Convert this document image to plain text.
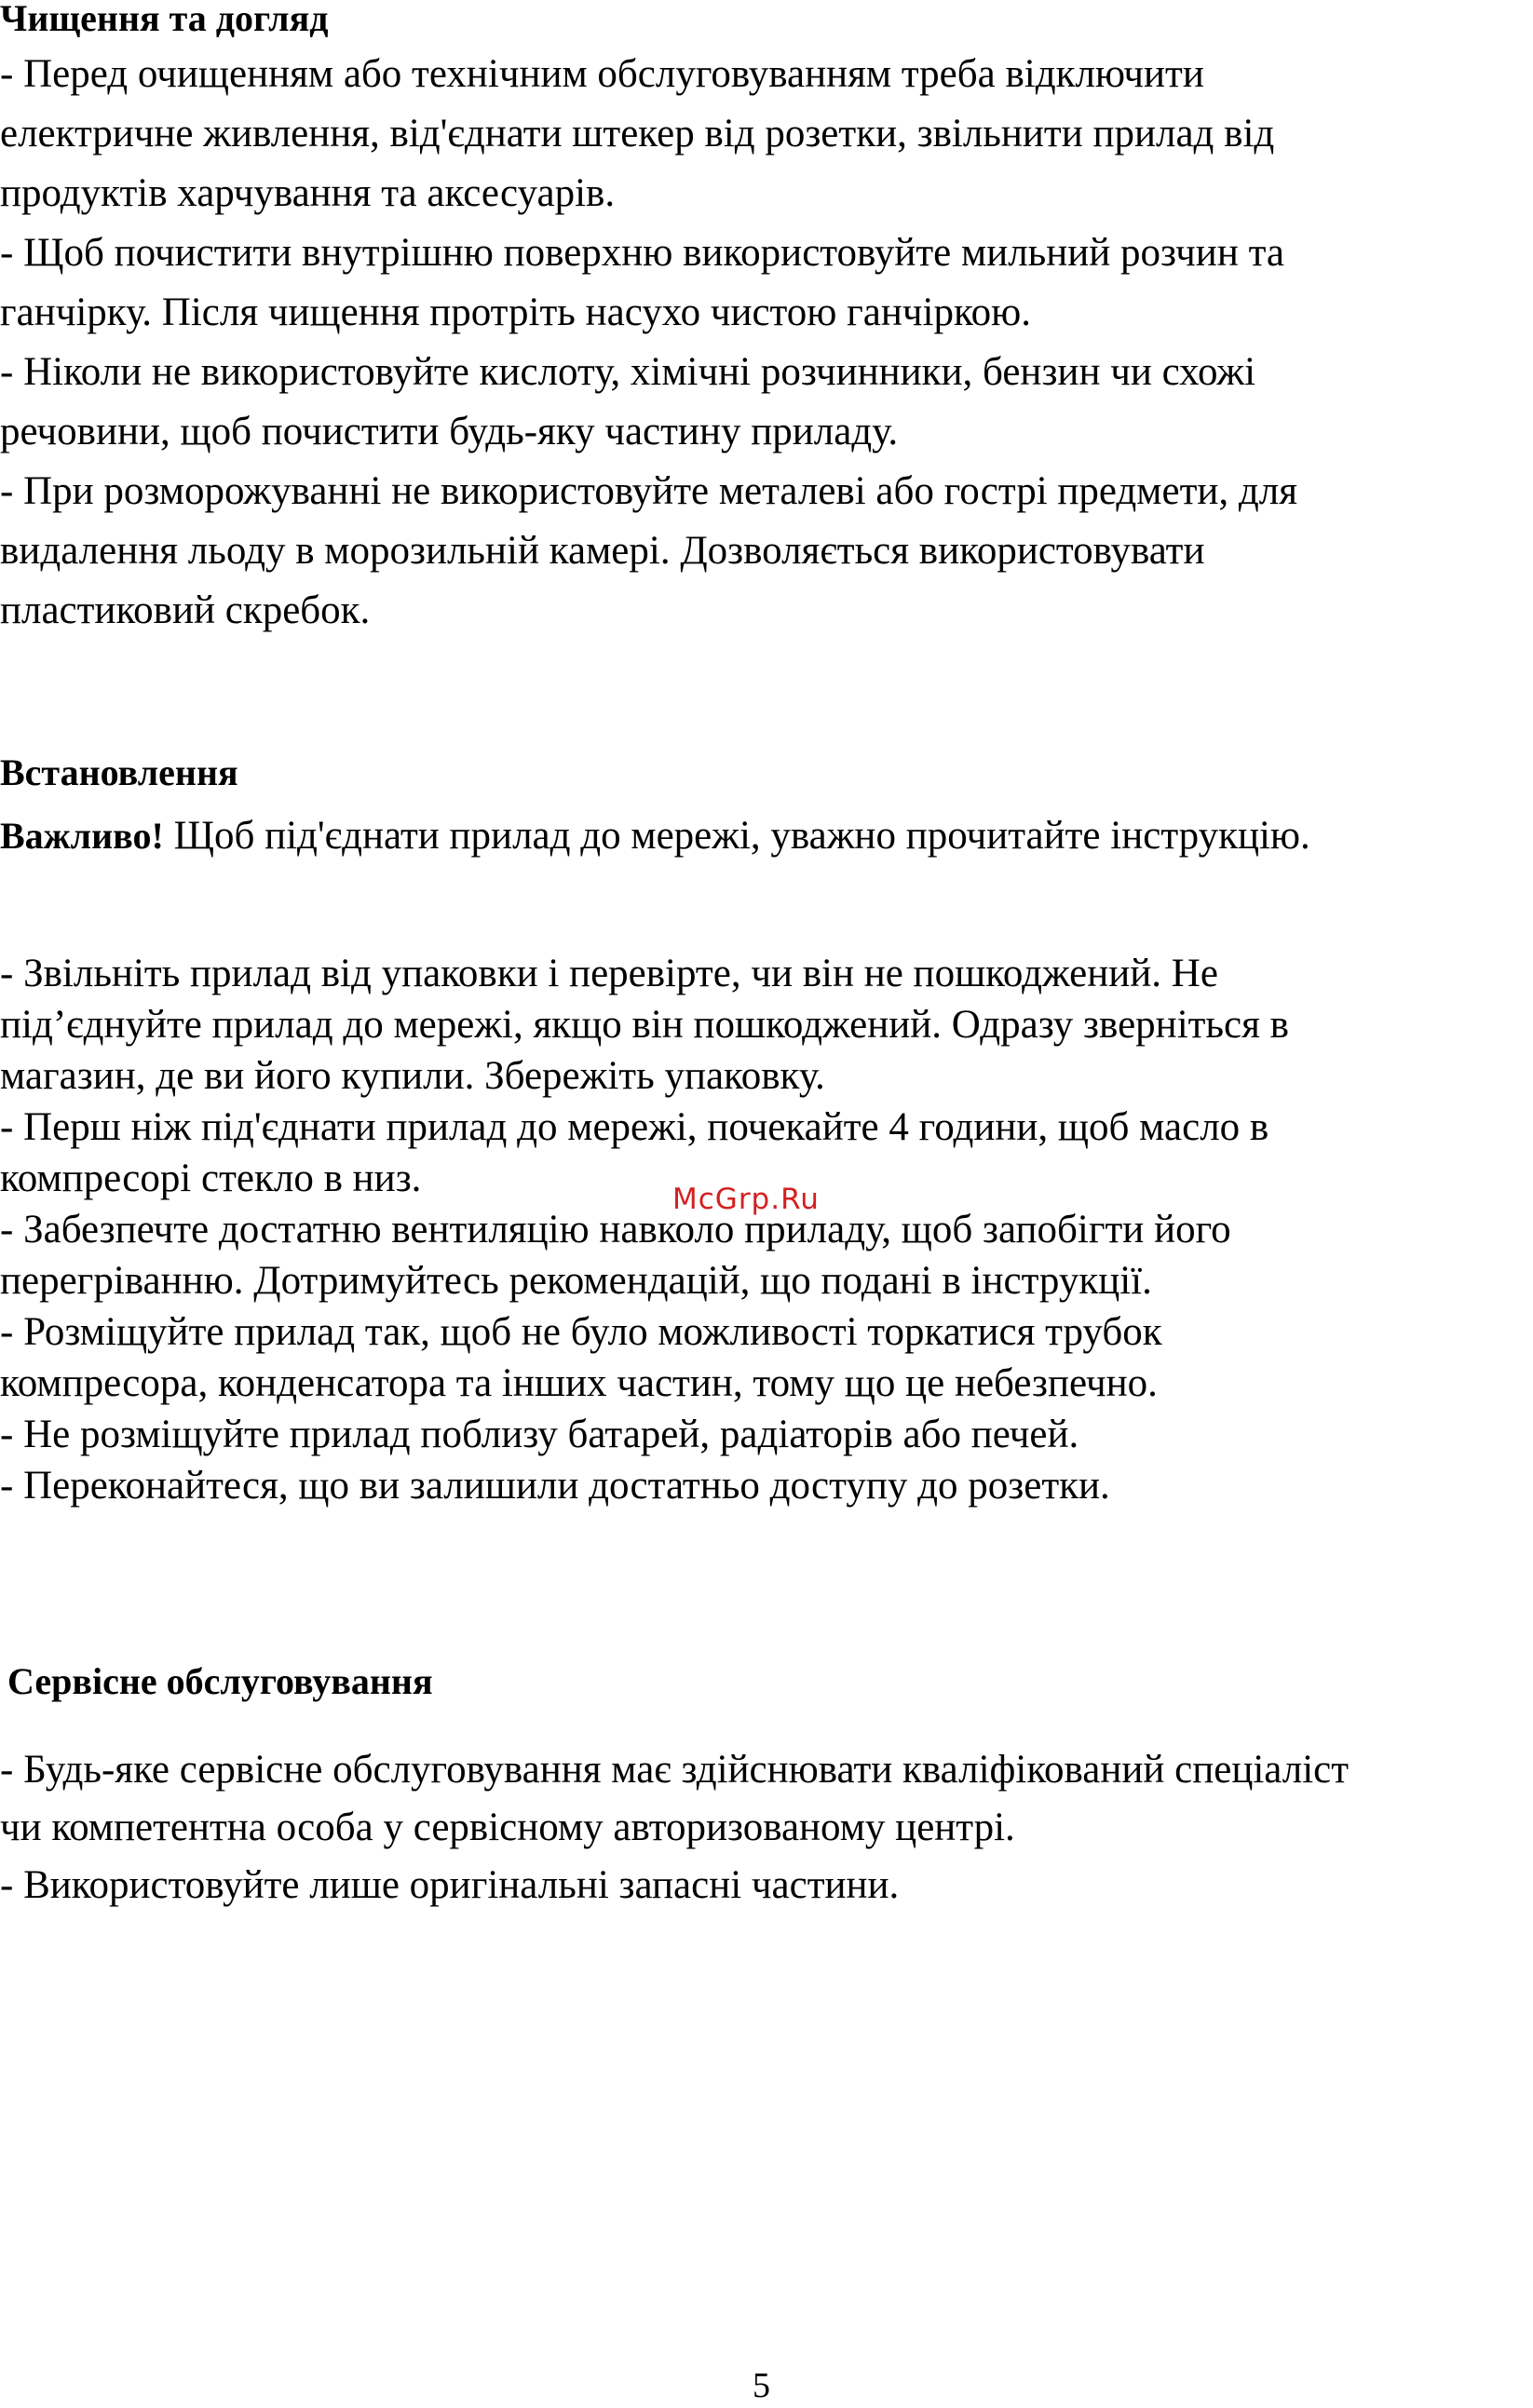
Чищення та догляд
- Перед очищенням або технічним обслуговуванням треба відключити
електричне живлення, від'єднати штекер від розетки, звільнити прилад від
продуктів харчування та аксесуарів.
- Щоб почистити внутрішню поверхню використовуйте мильний розчин та
ганчірку. Після чищення протріть насухо чистою ганчіркою.
- Ніколи не використовуйте кислоту, хімічні розчинники, бензин чи схожі
речовини, щоб почистити будь-яку частину приладу.
- При розморожуванні не використовуйте металеві або гострі предмети, для
видалення льоду в морозильній камері. Дозволяється використовувати
пластиковий скребок.
Встановлення
Важливо! Щоб під'єднати прилад до мережі, уважно прочитайте інструкцію.
- Звільніть прилад від упаковки і перевірте, чи він не пошкоджений. Не
під’єднуйте прилад до мережі, якщо він пошкоджений. Одразу зверніться в
магазин, де ви його купили. Збережіть упаковку.
- Перш ніж під'єднати прилад до мережі, почекайте 4 години, щоб масло в
компресорі стекло в низ.
- Забезпечте достатню вентиляцію навколо приладу, щоб запобігти його
перегріванню. Дотримуйтесь рекомендацій, що подані в інструкції.
- Розміщуйте прилад так, щоб не було можливості торкатися трубок
компресора, конденсатора та інших частин, тому що це небезпечно.
- Не розміщуйте прилад поблизу батарей, радіаторів або печей.
- Переконайтеся, що ви залишили достатньо доступу до розетки.
McGrp.Ru
Сервісне обслуговування
- Будь-яке сервісне обслуговування має здійснювати кваліфікований спеціаліст
чи компетентна особа у сервісному авторизованому центрі.
- Використовуйте лише оригінальні запасні частини.
5
